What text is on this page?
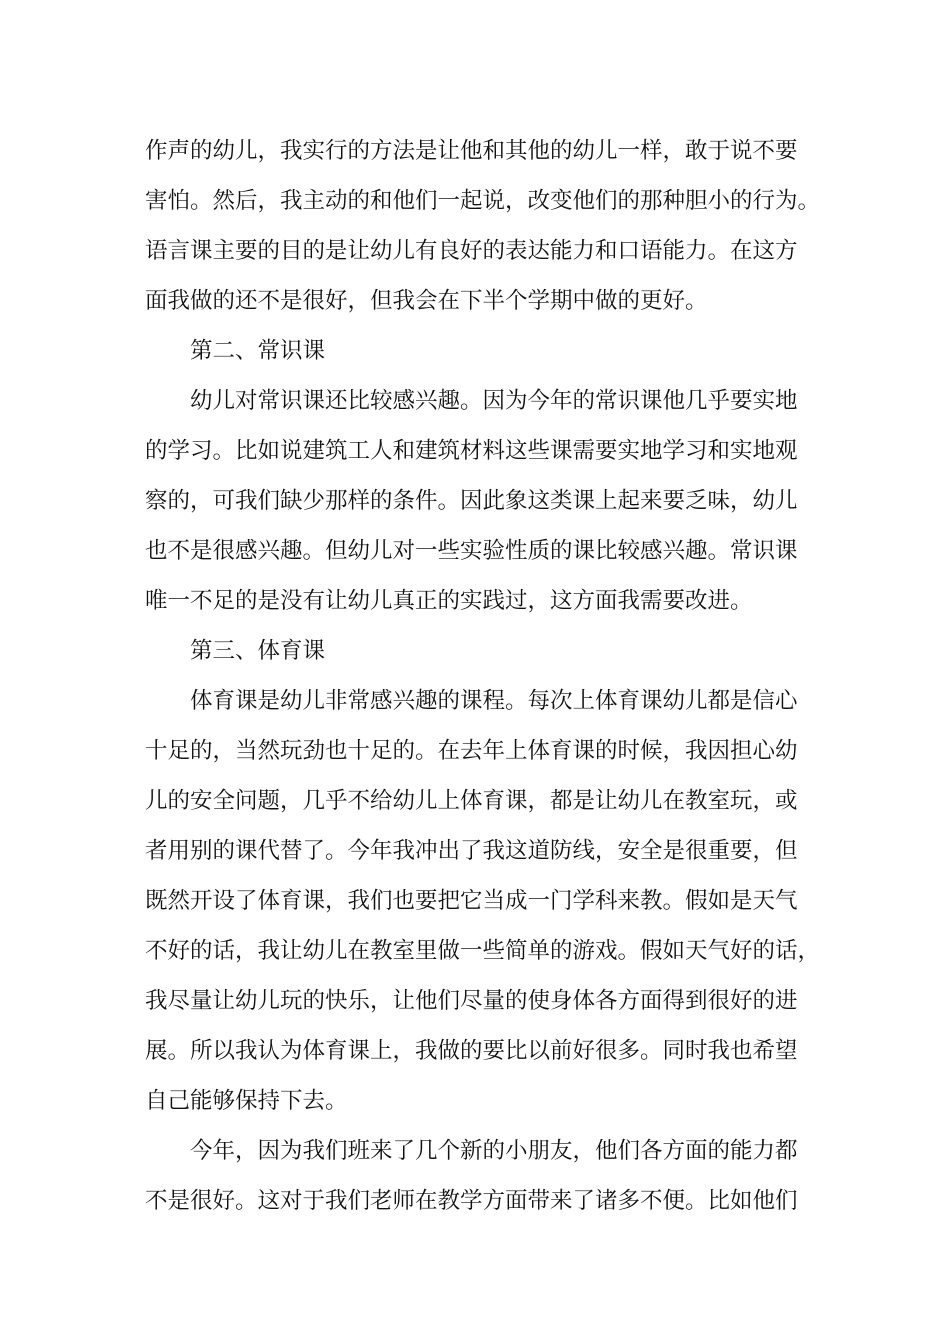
作声的幼儿，我实行的方法是让他和其他的幼儿一样，敢于说不要
害怕。然后，我主动的和他们一起说，改变他们的那种胆小的行为。
语言课主要的目的是让幼儿有良好的表达能力和口语能力。在这方
面我做的还不是很好，但我会在下半个学期中做的更好。
　　第二、常识课
　　幼儿对常识课还比较感兴趣。因为今年的常识课他几乎要实地
的学习。比如说建筑工人和建筑材料这些课需要实地学习和实地观
察的，可我们缺少那样的条件。因此象这类课上起来要乏味，幼儿
也不是很感兴趣。但幼儿对一些实验性质的课比较感兴趣。常识课
唯一不足的是没有让幼儿真正的实践过，这方面我需要改进。
　　第三、体育课
　　体育课是幼儿非常感兴趣的课程。每次上体育课幼儿都是信心
十足的，当然玩劲也十足的。在去年上体育课的时候，我因担心幼
儿的安全问题，几乎不给幼儿上体育课，都是让幼儿在教室玩，或
者用别的课代替了。今年我冲出了我这道防线，安全是很重要，但
既然开设了体育课，我们也要把它当成一门学科来教。假如是天气
不好的话，我让幼儿在教室里做一些简单的游戏。假如天气好的话，
我尽量让幼儿玩的快乐，让他们尽量的使身体各方面得到很好的进
展。所以我认为体育课上，我做的要比以前好很多。同时我也希望
自己能够保持下去。
　　今年，因为我们班来了几个新的小朋友，他们各方面的能力都
不是很好。这对于我们老师在教学方面带来了诸多不便。比如他们
